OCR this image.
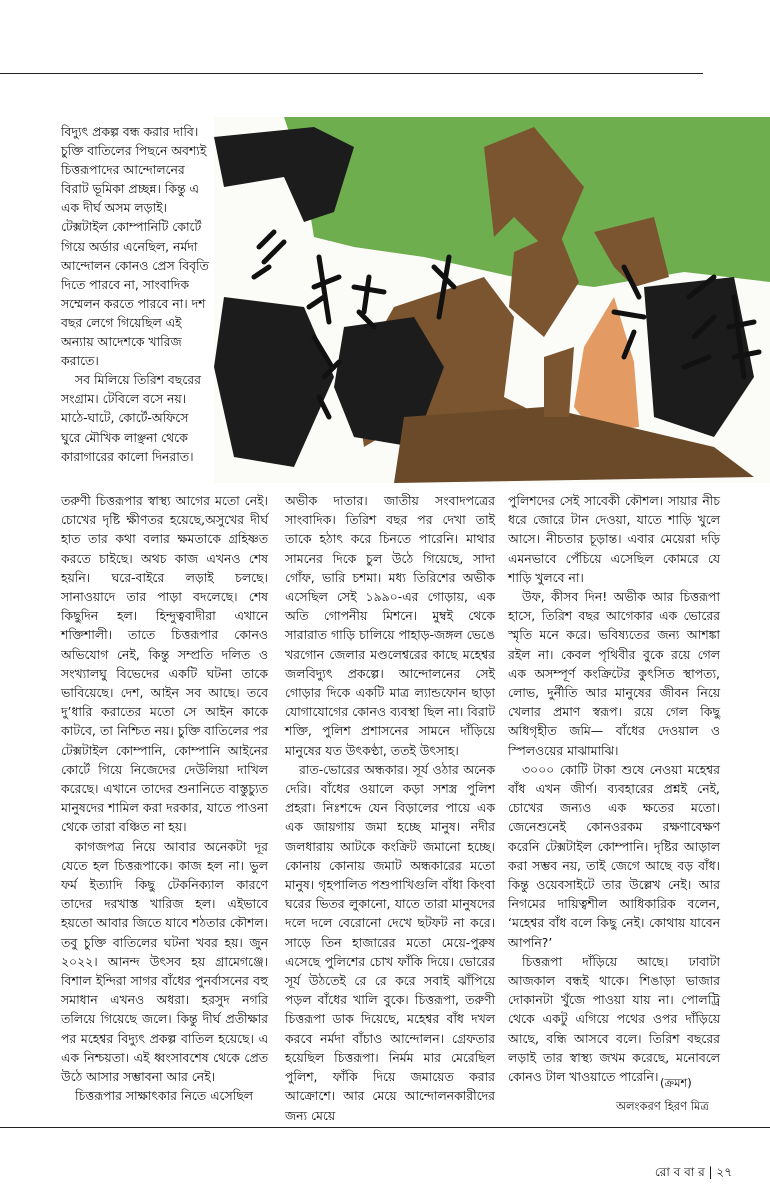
বিদ্যুৎ প্রকল্প বন্ধ করার দাবি। চুক্তি বাতিলের পিছনে অবশ্যই চিত্তরূপাদের আন্দোলনের বিরাট ভূমিকা প্রচ্ছন্ন। কিন্তু এ এক দীর্ঘ অসম লড়াই। টেক্সটাইল কোম্পানিটি কোর্টে গিয়ে অর্ডার এনেছিল, নর্মদা আন্দোলন কোনও প্রেস বিবৃতি দিতে পারবে না, সাংবাদিক সম্মেলন করতে পারবে না। দশ বছর লেগে গিয়েছিল এই অন্যায় আদেশকে খারিজ করাতে।

সব মিলিয়ে তিরিশ বছরের সংগ্রাম। টেবিলে বসে নয়। মাঠে-ঘাটে, কোর্টে-অফিসে ঘুরে মৌখিক লাঞ্ছনা থেকে কারাগারের কালো দিনরাত।

তরুণী চিত্তরূপার স্বাস্থ্য আগের মতো নেই। চোখের দৃষ্টি ক্ষীণতর হয়েছে,অসুখের দীর্ঘ হাত তার কথা বলার ক্ষমতাকে গ্রহিষ্ণত করতে চাইছে। অথচ কাজ এখনও শেষ হয়নি। ঘরে-বাইরে লড়াই চলছে। সানাওয়াদে তার পাড়া বদলেছে। শেষ কিছুদিন হল। হিন্দুত্ববাদীরা এখানে শক্তিশালী। তাতে চিত্তরূপার কোনও অভিযোগ নেই, কিন্তু সম্প্রতি দলিত ও সংখ্যালঘু বিভেদের একটি ঘটনা তাকে ভাবিয়েছে। দেশ, আইন সব আছে। তবে দু’ধারি করাতের মতো সে আইন কাকে কাটবে, তা নিশ্চিত নয়। চুক্তি বাতিলের পর টেক্সটাইল কোম্পানি, কোম্পানি আইনের কোর্টে গিয়ে নিজেদের দেউলিয়া দাখিল করেছে। এখানে তাদের শুনানিতে বাস্তুচ্যুত মানুষদের শামিল করা দরকার, যাতে পাওনা থেকে তারা বঞ্চিত না হয়।

কাগজপত্র নিয়ে আবার অনেকটা দূর যেতে হল চিত্তরূপাকে। কাজ হল না। ভুল ফর্ম ইত্যাদি কিছু টেকনিক্যাল কারণে তাদের দরখাস্ত খারিজ হল। এইভাবে হয়তো আবার জিতে যাবে শঠতার কৌশল। তবু চুক্তি বাতিলের ঘটনা খবর হয়। জুন ২০২২। আনন্দ উৎসব হয় গ্রামেগঞ্জে। বিশাল ইন্দিরা সাগর বাঁধের পুনর্বাসনের বহু সমাধান এখনও অধরা। হরসুদ নগরি তলিয়ে গিয়েছে জলে। কিন্তু দীর্ঘ প্রতীক্ষার পর মহেশ্বর বিদ্যুৎ প্রকল্প বাতিল হয়েছে। এ এক নিশ্চয়তা। এই ধ্বংসাবশেষ থেকে প্রেত উঠে আসার সম্ভাবনা আর নেই।

চিত্তরূপার সাক্ষাৎকার নিতে এসেছিল

অভীক দাতার। জাতীয় সংবাদপত্রের সাংবাদিক। তিরিশ বছর পর দেখা তাই তাকে হঠাৎ করে চিনতে পারেনি। মাথার সামনের দিকে চুল উঠে গিয়েছে, সাদা গোঁফ, ভারি চশমা। মধ্য তিরিশের অভীক এসেছিল সেই ১৯৯০-এর গোড়ায়, এক অতি গোপনীয় মিশনে। মুম্বই থেকে সারারাত গাড়ি চালিয়ে পাহাড়-জঙ্গল ভেঙে খরগোন জেলার মণ্ডলেশ্বরের কাছে মহেশ্বর জলবিদ্যুৎ প্রকল্পে। আন্দোলনের সেই গোড়ার দিকে একটি মাত্র ল্যান্ডফোন ছাড়া যোগাযোগের কোনও ব্যবস্থা ছিল না। বিরাট শক্তি, পুলিশ প্রশাসনের সামনে দাঁড়িয়ে মানুষের যত উৎকণ্ঠা, ততই উৎসাহ।

রাত-ভোরের অন্ধকার। সূর্য ওঠার অনেক দেরি। বাঁধের ওয়ালে কড়া সশস্ত্র পুলিশ প্রহরা। নিঃশব্দে যেন বিড়ালের পায়ে এক এক জায়গায় জমা হচ্ছে মানুষ। নদীর জলধারায় আটকে কংক্রিট জমানো হচ্ছে। কোনায় কোনায় জমাট অন্ধকারের মতো মানুষ। গৃহপালিত পশুপাখিগুলি বাঁধা কিংবা ঘরের ভিতর লুকানো, যাতে তারা মানুষদের দলে দলে বেরোনো দেখে ছটফট না করে। সাড়ে তিন হাজারের মতো মেয়ে-পুরুষ এসেছে পুলিশের চোখ ফাঁকি দিয়ে। ভোরের সূর্য উঠতেই রে রে করে সবাই ঝাঁপিয়ে পড়ল বাঁধের খালি বুকে। চিত্তরূপা, তরুণী চিত্তরূপা ডাক দিয়েছে, মহেশ্বর বাঁধ দখল করবে নর্মদা বাঁচাও আন্দোলন। গ্রেফতার হয়েছিল চিত্তরূপা। নির্মম মার মেরেছিল পুলিশ, ফাঁকি দিয়ে জমায়েত করার আক্রোশে। আর মেয়ে আন্দোলনকারীদের জন্য মেয়ে

পুলিশদের সেই সাবেকী কৌশল। সায়ার নীচ ধরে জোরে টান দেওয়া, যাতে শাড়ি খুলে আসে। নীচতার চূড়ান্ত। এবার মেয়েরা দড়ি এমনভাবে পেঁচিয়ে এসেছিল কোমরে যে শাড়ি খুলবে না।

উফ, কীসব দিন! অভীক আর চিত্তরূপা হাসে, তিরিশ বছর আগেকার এক ভোরের স্মৃতি মনে করে। ভবিষ্যতের জন্য আশঙ্কা রইল না। কেবল পৃথিবীর বুকে রয়ে গেল এক অসম্পূর্ণ কংক্রিটের কুৎসিত স্থাপত্য, লোভ, দুর্নীতি আর মানুষের জীবন নিয়ে খেলার প্রমাণ স্বরূপ। রয়ে গেল কিছু অধিগৃহীত জমি— বাঁধের দেওয়াল ও স্পিলওয়ের মাঝামাঝি।

৩০০০ কোটি টাকা শুষে নেওয়া মহেশ্বর বাঁধ এখন জীর্ণ। ব্যবহারের প্রশ্নই নেই, চোখের জন্যও এক ক্ষতের মতো। জেনেশুনেই কোনওরকম রক্ষণাবেক্ষণ করেনি টেক্সটাইল কোম্পানি। দৃষ্টির আড়াল করা সম্ভব নয়, তাই জেগে আছে বড় বাঁধ। কিন্তু ওয়েবসাইটে তার উল্লেখ নেই। আর নিগমের দায়িত্বশীল আধিকারিক বলেন, ‘মহেশ্বর বাঁধ বলে কিছু নেই। কোথায় যাবেন আপনি?’

চিত্তরূপা দাঁড়িয়ে আছে। ঢাবাটা আজকাল বন্ধই থাকে। শিঙাড়া ভাজার দোকানটা খুঁজে পাওয়া যায় না। পোলট্রি থেকে একটু এগিয়ে পথের ওপর দাঁড়িয়ে আছে, বন্ধি আসবে বলে। তিরিশ বছরের লড়াই তার স্বাস্থ্য জখম করেছে, মনোবলে কোনও টাল খাওয়াতে পারেনি। (ক্রমশ)
অলংকরণ হিরণ মিত্র
রো ব বা র | ২৭
